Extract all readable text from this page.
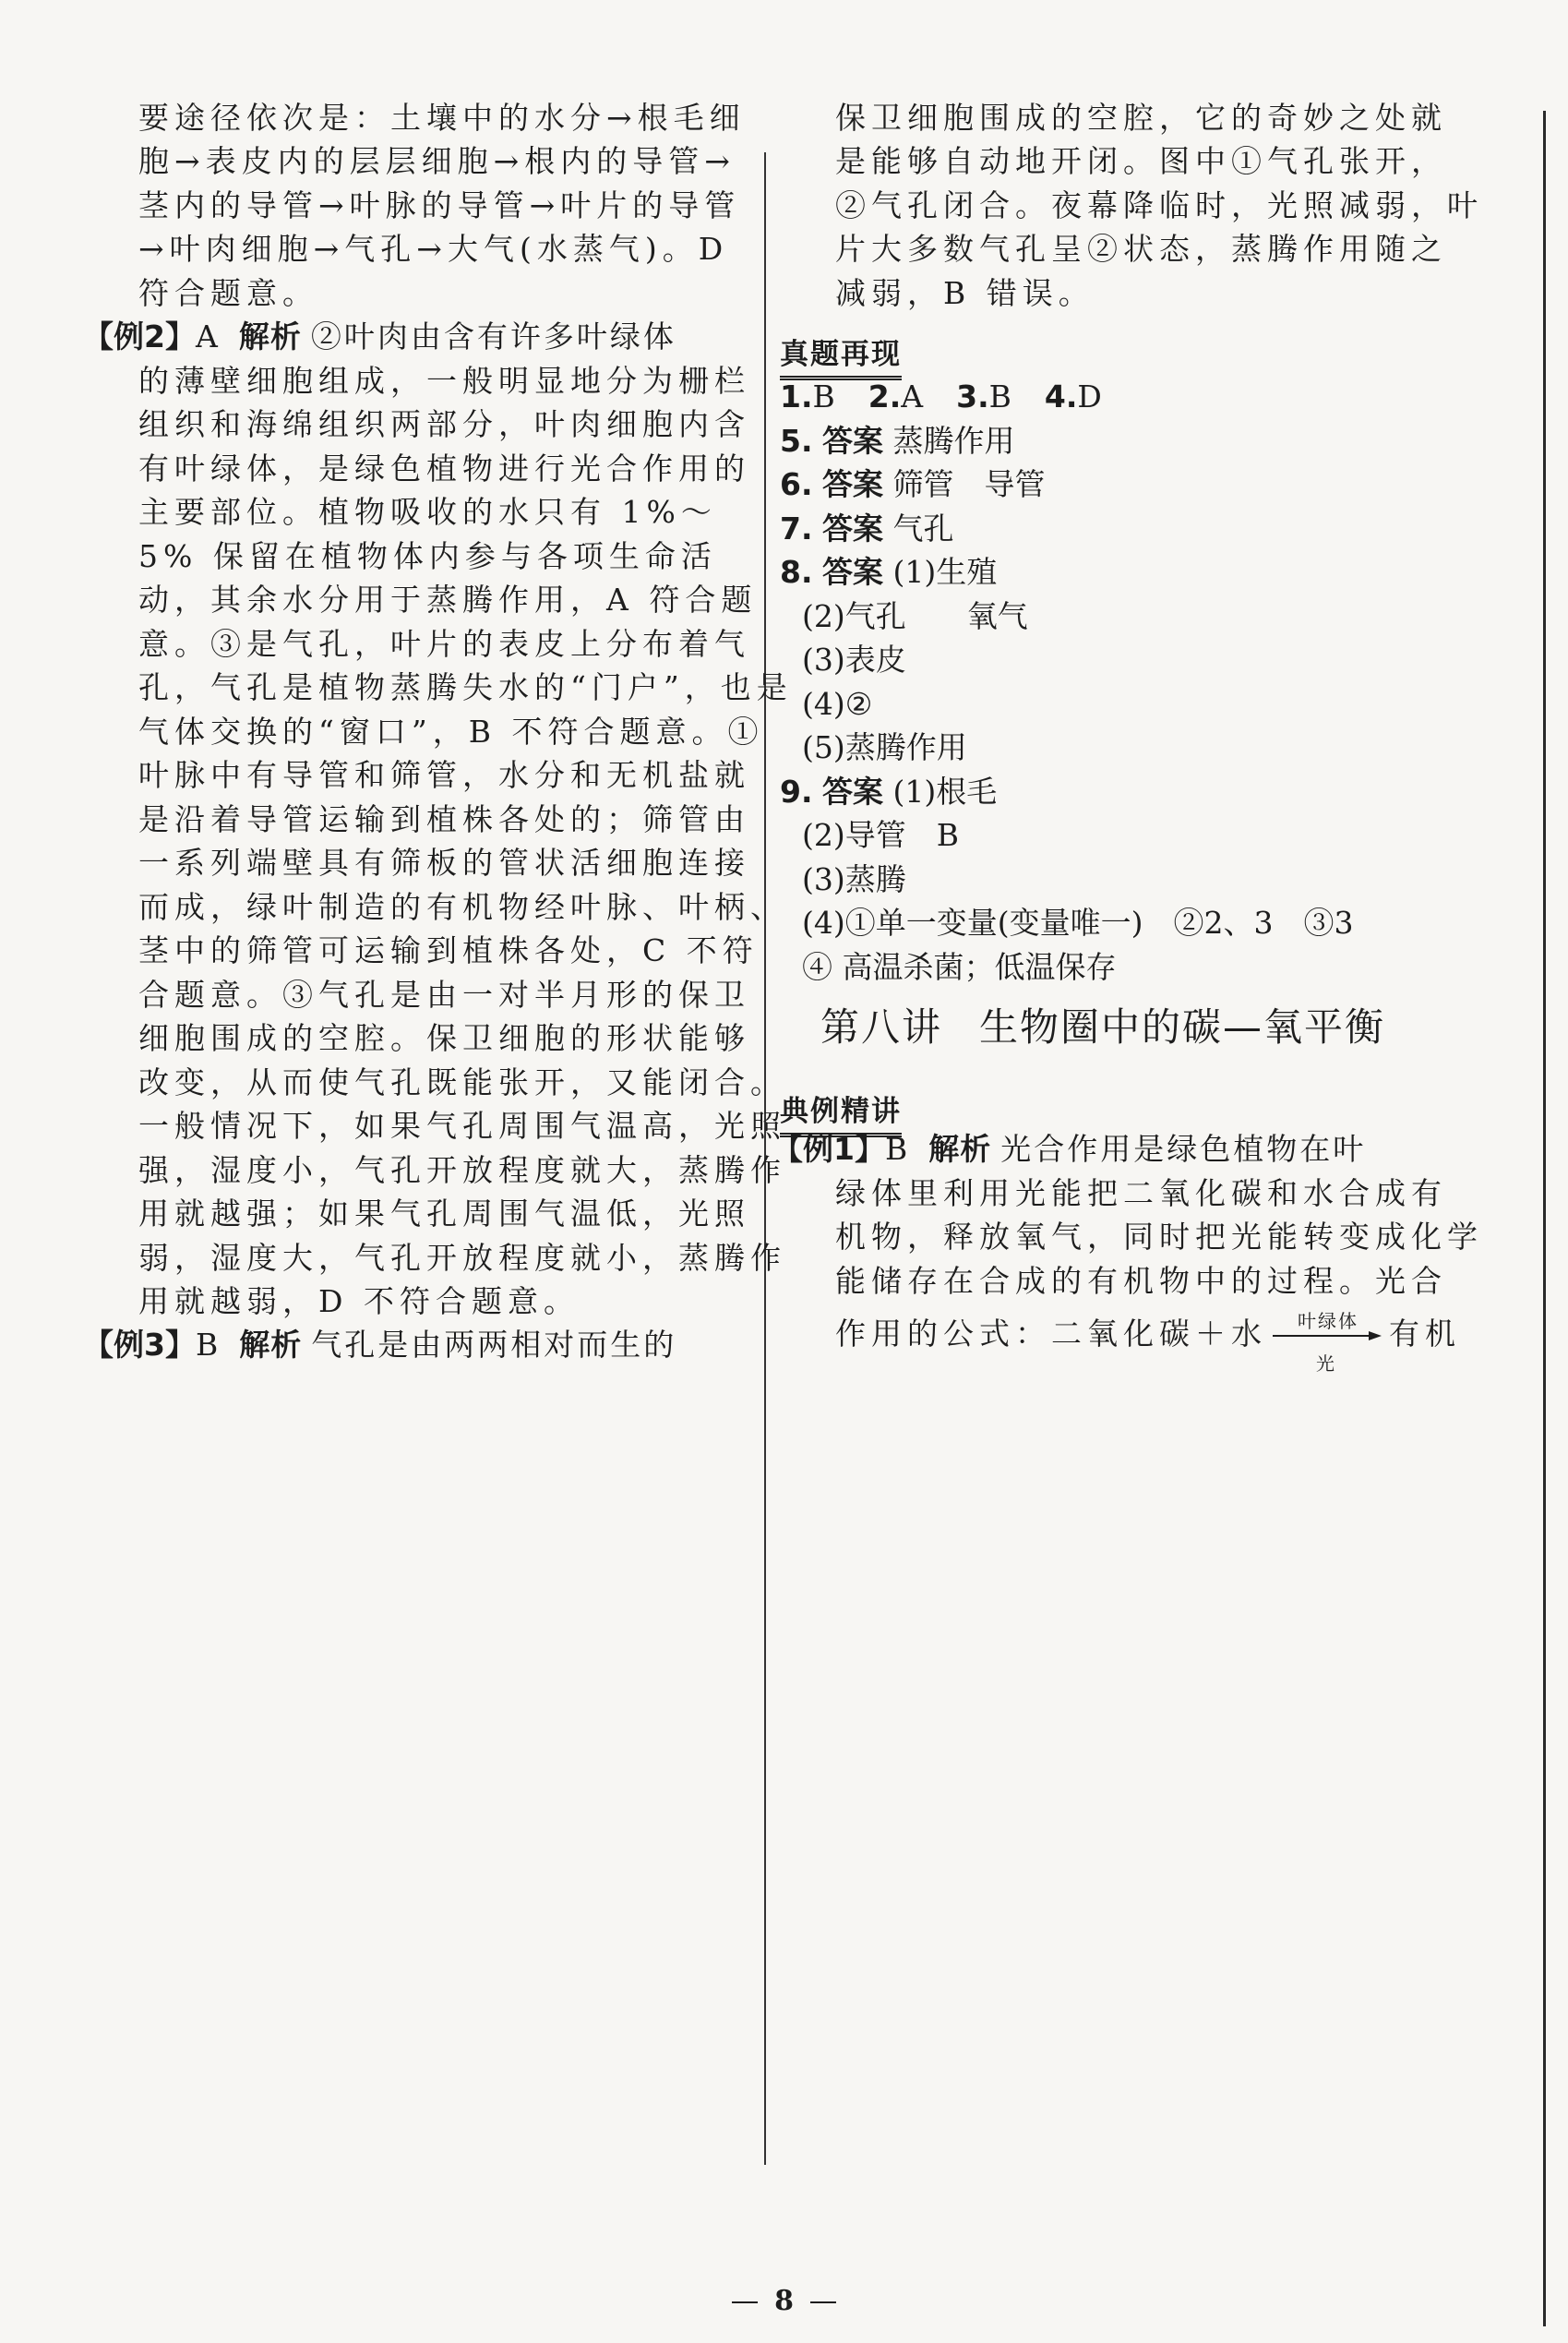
要途径依次是：土壤中的水分→根毛细
胞→表皮内的层层细胞→根内的导管→
茎内的导管→叶脉的导管→叶片的导管
→叶肉细胞→气孔→大气(水蒸气)。D
符合题意。
【例2】A 解析 ②叶肉由含有许多叶绿体
的薄壁细胞组成，一般明显地分为栅栏
组织和海绵组织两部分，叶肉细胞内含
有叶绿体，是绿色植物进行光合作用的
主要部位。植物吸收的水只有 1%～
5% 保留在植物体内参与各项生命活
动，其余水分用于蒸腾作用，A 符合题
意。③是气孔，叶片的表皮上分布着气
孔，气孔是植物蒸腾失水的“门户”，也是
气体交换的“窗口”，B 不符合题意。①
叶脉中有导管和筛管，水分和无机盐就
是沿着导管运输到植株各处的；筛管由
一系列端壁具有筛板的管状活细胞连接
而成，绿叶制造的有机物经叶脉、叶柄、
茎中的筛管可运输到植株各处，C 不符
合题意。③气孔是由一对半月形的保卫
细胞围成的空腔。保卫细胞的形状能够
改变，从而使气孔既能张开，又能闭合。
一般情况下，如果气孔周围气温高，光照
强，湿度小，气孔开放程度就大，蒸腾作
用就越强；如果气孔周围气温低，光照
弱，湿度大，气孔开放程度就小，蒸腾作
用就越弱，D 不符合题意。
【例3】B 解析 气孔是由两两相对而生的
保卫细胞围成的空腔，它的奇妙之处就
是能够自动地开闭。图中①气孔张开，
②气孔闭合。夜幕降临时，光照减弱，叶
片大多数气孔呈②状态，蒸腾作用随之
减弱，B 错误。
真题再现
1.B 2.A 3.B 4.D
5. 答案 蒸腾作用
6. 答案 筛管　导管
7. 答案 气孔
8. 答案 (1)生殖
(2)气孔　　氧气
(3)表皮
(4)②
(5)蒸腾作用
9. 答案 (1)根毛
(2)导管　B
(3)蒸腾
(4)①单一变量(变量唯一)　②2、3　③3
④ 高温杀菌；低温保存
第八讲 生物圈中的碳—氧平衡
典例精讲
【例1】B 解析 光合作用是绿色植物在叶
绿体里利用光能把二氧化碳和水合成有
机物，释放氧气，同时把光能转变成化学
能储存在合成的有机物中的过程。光合
作用的公式：二氧化碳＋水	叶绿体
光
有机
8
